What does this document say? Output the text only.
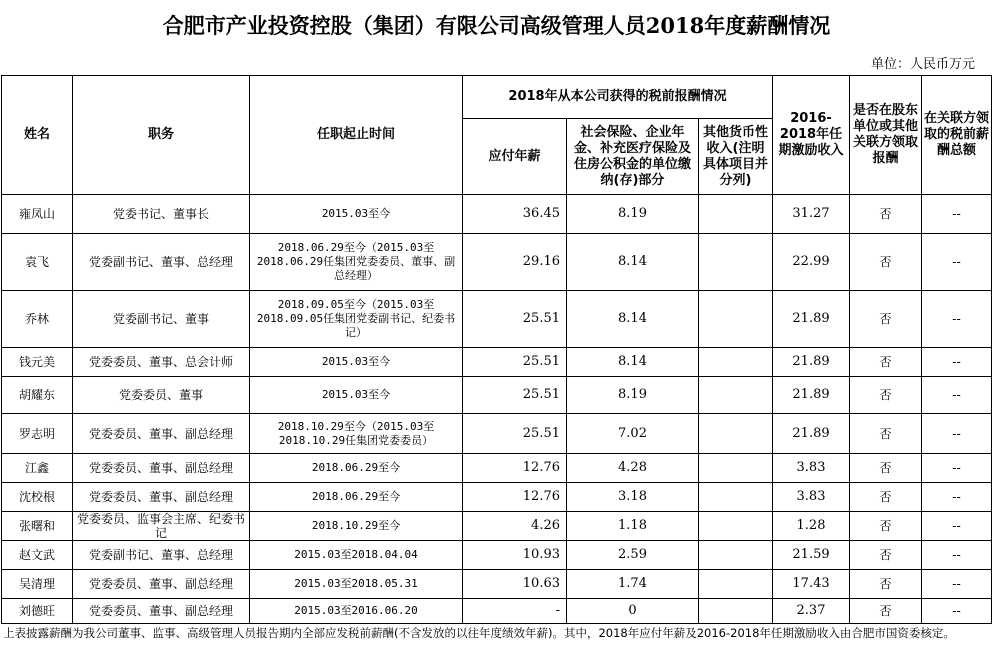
合肥市产业投资控股（集团）有限公司高级管理人员2018年度薪酬情况
单位：人民币万元
姓名	职务	任职起止时间	2018年从本公司获得的税前报酬情况			2016-2018年任期激励收入	是否在股东单位或其他关联方领取报酬	在关联方领取的税前薪酬总额
			应付年薪	社会保险、企业年金、补充医疗保险及住房公积金的单位缴纳(存)部分	其他货币性收入(注明具体项目并分列)			
雍凤山	党委书记、董事长	2015.03至今	36.45	8.19		31.27	否	--
袁飞	党委副书记、董事、总经理	2018.06.29至今（2015.03至2018.06.29任集团党委委员、董事、副总经理）	29.16	8.14		22.99	否	--
乔林	党委副书记、董事	2018.09.05至今（2015.03至2018.09.05任集团党委副书记、纪委书记）	25.51	8.14		21.89	否	--
钱元美	党委委员、董事、总会计师	2015.03至今	25.51	8.14		21.89	否	--
胡耀东	党委委员、董事	2015.03至今	25.51	8.19		21.89	否	--
罗志明	党委委员、董事、副总经理	2018.10.29至今（2015.03至2018.10.29任集团党委委员）	25.51	7.02		21.89	否	--
江鑫	党委委员、董事、副总经理	2018.06.29至今	12.76	4.28		3.83	否	--
沈校根	党委委员、董事、副总经理	2018.06.29至今	12.76	3.18		3.83	否	--
张曙和	党委委员、监事会主席、纪委书记	2018.10.29至今	4.26	1.18		1.28	否	--
赵文武	党委副书记、董事、总经理	2015.03至2018.04.04	10.93	2.59		21.59	否	--
吴清理	党委委员、董事、副总经理	2015.03至2018.05.31	10.63	1.74		17.43	否	--
刘德旺	党委委员、董事、副总经理	2015.03至2016.06.20	-	0		2.37	否	--
上表披露薪酬为我公司董事、监事、高级管理人员报告期内全部应发税前薪酬(不含发放的以往年度绩效年薪)。其中，2018年应付年薪及2016-2018年任期激励收入由合肥市国资委核定。
